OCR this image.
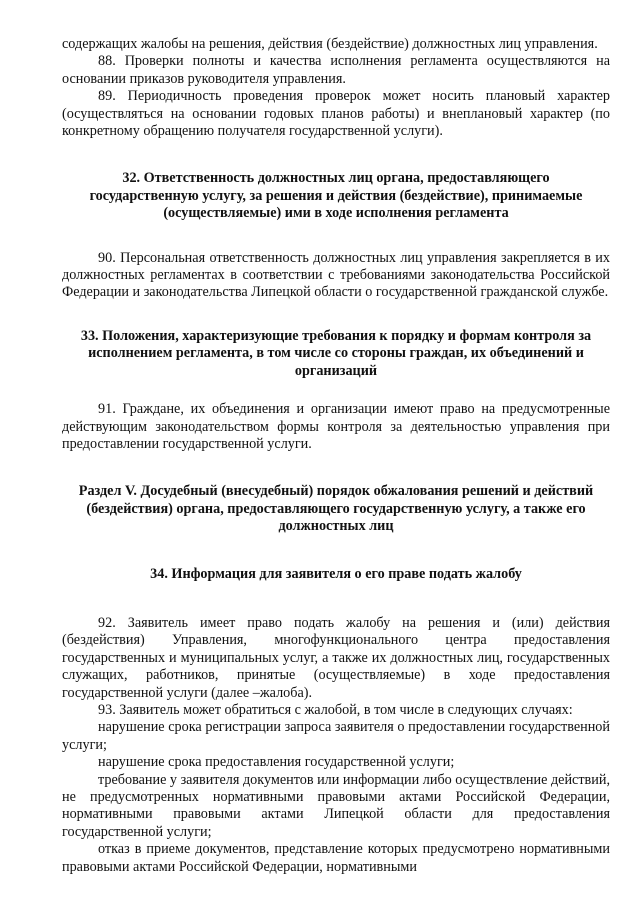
содержащих жалобы на решения, действия (бездействие) должностных лиц управления.

88. Проверки полноты и качества исполнения регламента осуществляются на основании приказов руководителя управления.

89. Периодичность проведения проверок может носить плановый характер (осуществляться на основании годовых планов работы) и внеплановый характер (по конкретному обращению получателя государственной услуги).

32. Ответственность должностных лиц органа, предоставляющего государственную услугу, за решения и действия (бездействие), принимаемые (осуществляемые) ими в ходе исполнения регламента

90. Персональная ответственность должностных лиц управления закрепляется в их должностных регламентах в соответствии с требованиями законодательства Российской Федерации и законодательства Липецкой области о государственной гражданской службе.

33. Положения, характеризующие требования к порядку и формам контроля за исполнением регламента, в том числе со стороны граждан, их объединений и организаций

91. Граждане, их объединения и организации имеют право на предусмотренные действующим законодательством формы контроля за деятельностью управления при предоставлении государственной услуги.

Раздел V. Досудебный (внесудебный) порядок обжалования решений и действий (бездействия) органа, предоставляющего государственную услугу, а также его должностных лиц

34. Информация для заявителя о его праве подать жалобу

92. Заявитель имеет право подать жалобу на решения и (или) действия (бездействия) Управления, многофункционального центра предоставления государственных и муниципальных услуг, а также их должностных лиц, государственных служащих, работников, принятые (осуществляемые) в ходе предоставления государственной услуги (далее –жалоба).

93. Заявитель может обратиться с жалобой, в том числе в следующих случаях:

нарушение срока регистрации запроса заявителя о предоставлении государственной услуги;

нарушение срока предоставления государственной услуги;

требование у заявителя документов или информации либо осуществление действий, не предусмотренных нормативными правовыми актами Российской Федерации, нормативными правовыми актами Липецкой области для предоставления государственной услуги;

отказ в приеме документов, представление которых предусмотрено нормативными правовыми актами Российской Федерации, нормативными
